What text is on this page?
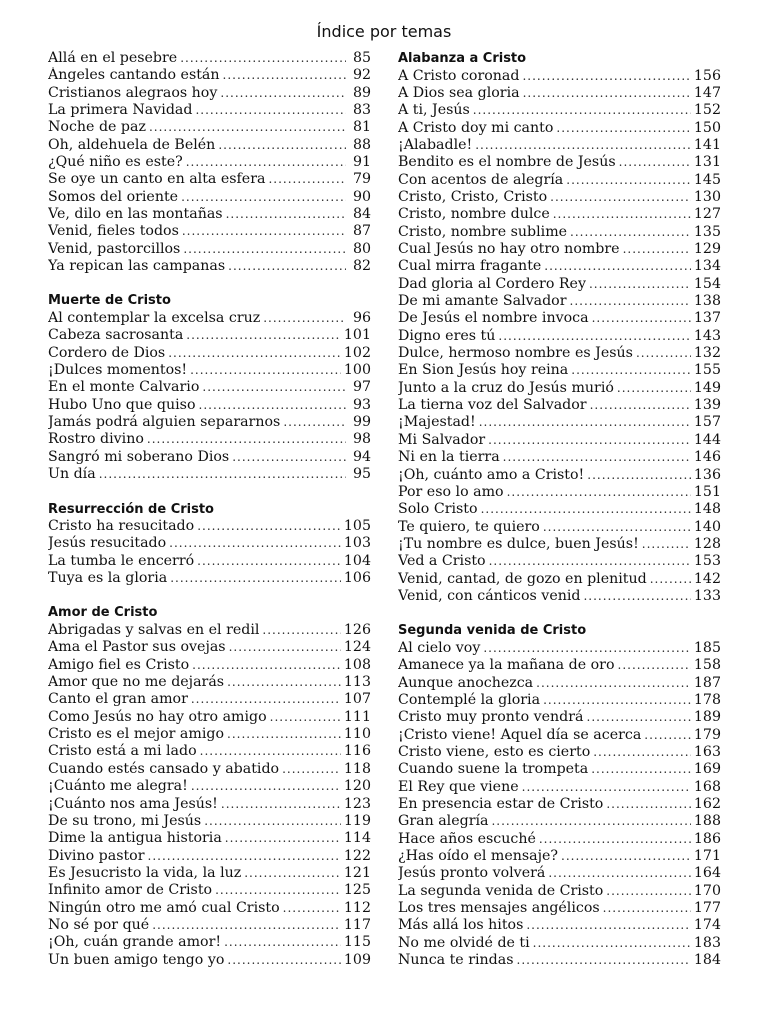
Índice por temas
Allá en el pesebre .....	85
Ángeles cantando están .....	92
Cristianos alegraos hoy .....	89
La primera Navidad .....	83
Noche de paz .....	81
Oh, aldehuela de Belén .....	88
¿Qué niño es este? .....	91
Se oye un canto en alta esfera .....	79
Somos del oriente .....	90
Ve, dilo en las montañas .....	84
Venid, fieles todos .....	87
Venid, pastorcillos .....	80
Ya repican las campanas .....	82
Muerte de Cristo
Al contemplar la excelsa cruz .....	96
Cabeza sacrosanta .....	101
Cordero de Dios .....	102
¡Dulces momentos! .....	100
En el monte Calvario .....	97
Hubo Uno que quiso .....	93
Jamás podrá alguien separarnos .....	99
Rostro divino .....	98
Sangró mi soberano Dios .....	94
Un día .....	95
Resurrección de Cristo
Cristo ha resucitado .....	105
Jesús resucitado .....	103
La tumba le encerró .....	104
Tuya es la gloria .....	106
Amor de Cristo
Abrigadas y salvas en el redil .....	126
Ama el Pastor sus ovejas .....	124
Amigo fiel es Cristo .....	108
Amor que no me dejarás .....	113
Canto el gran amor .....	107
Como Jesús no hay otro amigo .....	111
Cristo es el mejor amigo .....	110
Cristo está a mi lado .....	116
Cuando estés cansado y abatido .....	118
¡Cuánto me alegra! .....	120
¡Cuánto nos ama Jesús! .....	123
De su trono, mi Jesús .....	119
Dime la antigua historia .....	114
Divino pastor .....	122
Es Jesucristo la vida, la luz .....	121
Infinito amor de Cristo .....	125
Ningún otro me amó cual Cristo .....	112
No sé por qué .....	117
¡Oh, cuán grande amor! .....	115
Un buen amigo tengo yo .....	109
Alabanza a Cristo
A Cristo coronad .....	156
A Dios sea gloria .....	147
A ti, Jesús .....	152
A Cristo doy mi canto .....	150
¡Alabadle! .....	141
Bendito es el nombre de Jesús .....	131
Con acentos de alegría .....	145
Cristo, Cristo, Cristo .....	130
Cristo, nombre dulce .....	127
Cristo, nombre sublime .....	135
Cual Jesús no hay otro nombre .....	129
Cual mirra fragante .....	134
Dad gloria al Cordero Rey .....	154
De mi amante Salvador .....	138
De Jesús el nombre invoca .....	137
Digno eres tú .....	143
Dulce, hermoso nombre es Jesús .....	132
En Sion Jesús hoy reina .....	155
Junto a la cruz do Jesús murió .....	149
La tierna voz del Salvador .....	139
¡Majestad! .....	157
Mi Salvador .....	144
Ni en la tierra .....	146
¡Oh, cuánto amo a Cristo! .....	136
Por eso lo amo .....	151
Solo Cristo .....	148
Te quiero, te quiero .....	140
¡Tu nombre es dulce, buen Jesús! .....	128
Ved a Cristo .....	153
Venid, cantad, de gozo en plenitud .....	142
Venid, con cánticos venid .....	133
Segunda venida de Cristo
Al cielo voy .....	185
Amanece ya la mañana de oro .....	158
Aunque anochezca .....	187
Contemplé la gloria .....	178
Cristo muy pronto vendrá .....	189
¡Cristo viene! Aquel día se acerca .....	179
Cristo viene, esto es cierto .....	163
Cuando suene la trompeta .....	169
El Rey que viene .....	168
En presencia estar de Cristo .....	162
Gran alegría .....	188
Hace años escuché .....	186
¿Has oído el mensaje? .....	171
Jesús pronto volverá .....	164
La segunda venida de Cristo .....	170
Los tres mensajes angélicos .....	177
Más allá los hitos .....	174
No me olvidé de ti .....	183
Nunca te rindas .....	184
